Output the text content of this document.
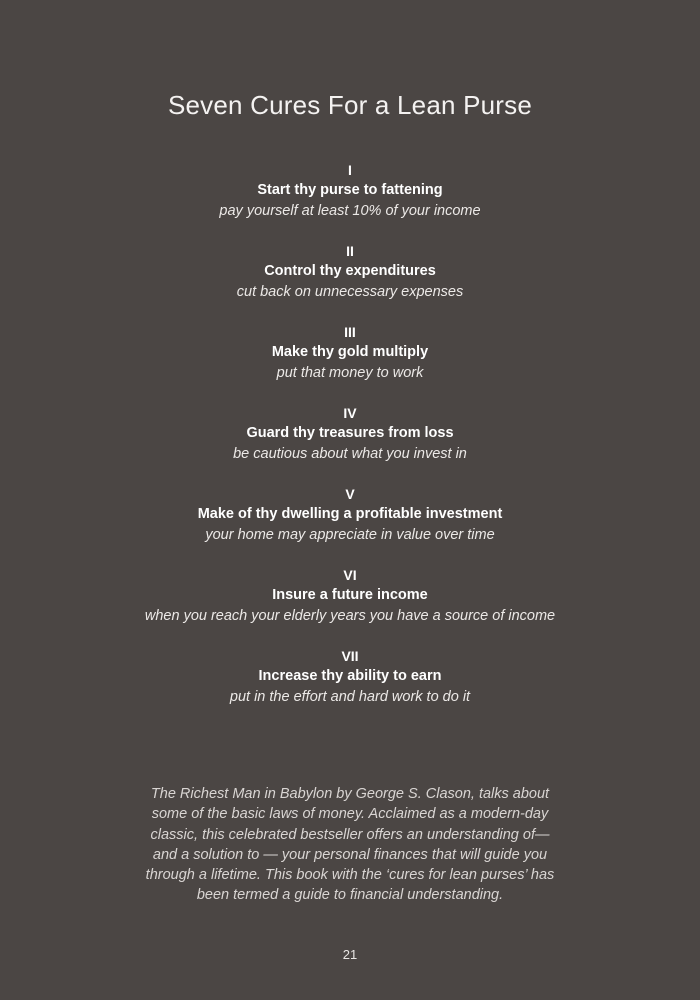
Seven Cures For a Lean Purse
I
Start thy purse to fattening
pay yourself at least 10% of your income
II
Control thy expenditures
cut back on unnecessary expenses
III
Make thy gold multiply
put that money to work
IV
Guard thy treasures from loss
be cautious about what you invest in
V
Make of thy dwelling a profitable investment
your home may appreciate in value over time
VI
Insure a future income
when you reach your elderly years you have a source of income
VII
Increase thy ability to earn
put in the effort and hard work to do it
The Richest Man in Babylon by George S. Clason, talks about
some of the basic laws of money. Acclaimed as a modern-day
classic, this celebrated bestseller offers an understanding of—
and a solution to — your personal finances that will guide you
through a lifetime. This book with the ‘cures for lean purses’ has
been termed a guide to financial understanding.
21
